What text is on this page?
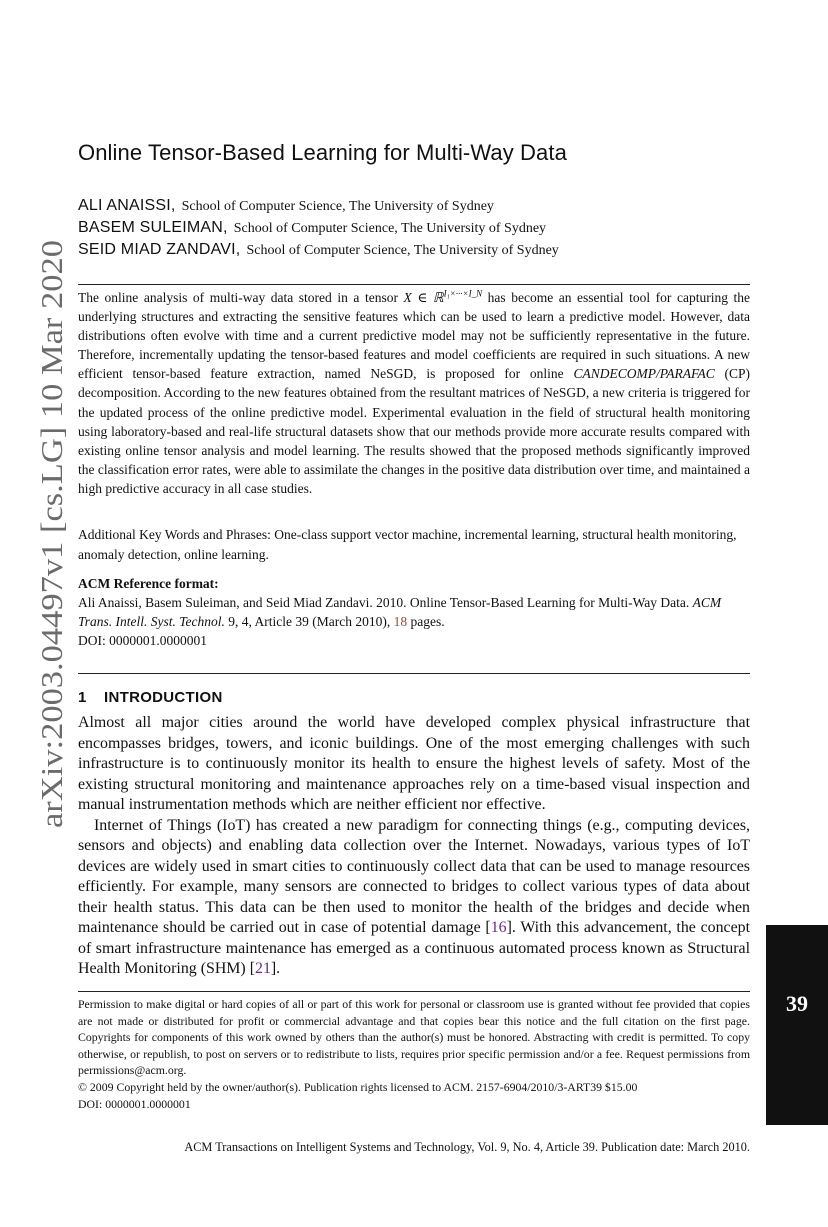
arXiv:2003.04497v1 [cs.LG] 10 Mar 2020
Online Tensor-Based Learning for Multi-Way Data
ALI ANAISSI, School of Computer Science, The University of Sydney
BASEM SULEIMAN, School of Computer Science, The University of Sydney
SEID MIAD ZANDAVI, School of Computer Science, The University of Sydney
The online analysis of multi-way data stored in a tensor X ∈ ℝ$^{I_1\times\cdot\cdot\cdot\times I\_N}$ has become an essential tool for capturing the underlying structures and extracting the sensitive features which can be used to learn a predictive model. However, data distributions often evolve with time and a current predictive model may not be sufficiently representative in the future. Therefore, incrementally updating the tensor-based features and model coefficients are required in such situations. A new efficient tensor-based feature extraction, named NeSGD, is proposed for online CANDECOMP/PARAFAC (CP) decomposition. According to the new features obtained from the resultant matrices of NeSGD, a new criteria is triggered for the updated process of the online predictive model. Experimental evaluation in the field of structural health monitoring using laboratory-based and real-life structural datasets show that our methods provide more accurate results compared with existing online tensor analysis and model learning. The results showed that the proposed methods significantly improved the classification error rates, were able to assimilate the changes in the positive data distribution over time, and maintained a high predictive accuracy in all case studies.
Additional Key Words and Phrases: One-class support vector machine, incremental learning, structural health monitoring, anomaly detection, online learning.
ACM Reference format:
Ali Anaissi, Basem Suleiman, and Seid Miad Zandavi. 2010. Online Tensor-Based Learning for Multi-Way Data. ACM Trans. Intell. Syst. Technol. 9, 4, Article 39 (March 2010), 18 pages.
DOI: 0000001.0000001
1 INTRODUCTION

Almost all major cities around the world have developed complex physical infrastructure that encompasses bridges, towers, and iconic buildings. One of the most emerging challenges with such infrastructure is to continuously monitor its health to ensure the highest levels of safety. Most of the existing structural monitoring and maintenance approaches rely on a time-based visual inspection and manual instrumentation methods which are neither efficient nor effective.

Internet of Things (IoT) has created a new paradigm for connecting things (e.g., computing devices, sensors and objects) and enabling data collection over the Internet. Nowadays, various types of IoT devices are widely used in smart cities to continuously collect data that can be used to manage resources efficiently. For example, many sensors are connected to bridges to collect various types of data about their health status. This data can be then used to monitor the health of the bridges and decide when maintenance should be carried out in case of potential damage [16]. With this advancement, the concept of smart infrastructure maintenance has emerged as a continuous automated process known as Structural Health Monitoring (SHM) [21].

Permission to make digital or hard copies of all or part of this work for personal or classroom use is granted without fee provided that copies are not made or distributed for profit or commercial advantage and that copies bear this notice and the full citation on the first page. Copyrights for components of this work owned by others than the author(s) must be honored. Abstracting with credit is permitted. To copy otherwise, or republish, to post on servers or to redistribute to lists, requires prior specific permission and/or a fee. Request permissions from permissions@acm.org.

© 2009 Copyright held by the owner/author(s). Publication rights licensed to ACM. 2157-6904/2010/3-ART39 $15.00

DOI: 0000001.0000001

ACM Transactions on Intelligent Systems and Technology, Vol. 9, No. 4, Article 39. Publication date: March 2010.
39
